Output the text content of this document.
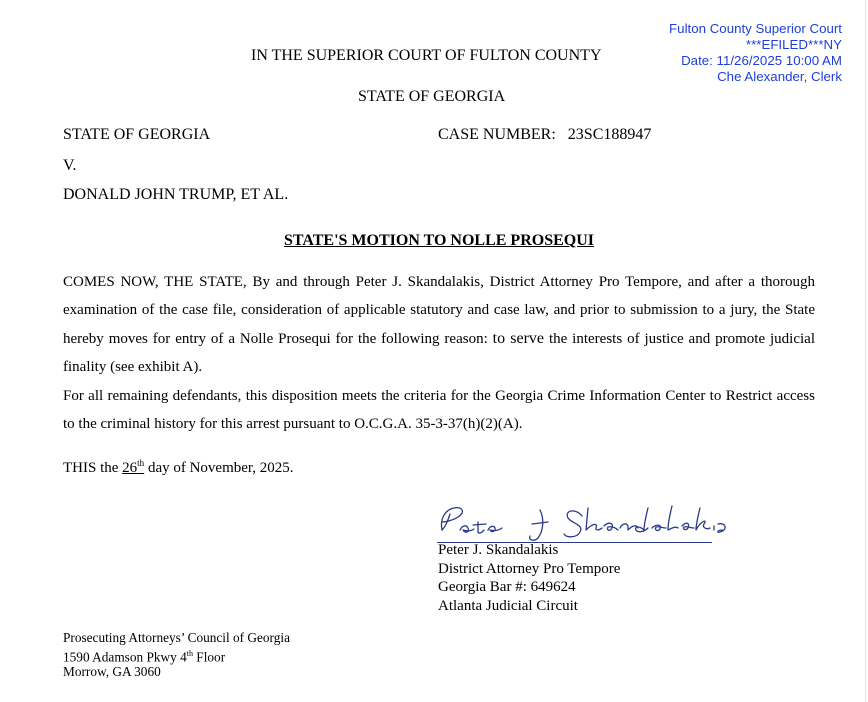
Fulton County Superior Court
***EFILED***NY
Date: 11/26/2025 10:00 AM
Che Alexander, Clerk
IN THE SUPERIOR COURT OF FULTON COUNTY
STATE OF GEORGIA
STATE OF GEORGIA	CASE NUMBER: 23SC188947
V.
DONALD JOHN TRUMP, ET AL.
STATE'S MOTION TO NOLLE PROSEQUI

COMES NOW, THE STATE, By and through Peter J. Skandalakis, District Attorney Pro Tempore, and after a thorough examination of the case file, consideration of applicable statutory and case law, and prior to submission to a jury, the State hereby moves for entry of a Nolle Prosequi for the following reason: to serve the interests of justice and promote judicial finality (see exhibit A).

For all remaining defendants, this disposition meets the criteria for the Georgia Crime Information Center to Restrict access to the criminal history for this arrest pursuant to O.C.G.A. 35-3-37(h)(2)(A).

THIS the 26th day of November, 2025.
Peter J. Skandalakis
District Attorney Pro Tempore
Georgia Bar #: 649624
Atlanta Judicial Circuit
Prosecuting Attorneys’ Council of Georgia
1590 Adamson Pkwy 4th Floor
Morrow, GA 3060
